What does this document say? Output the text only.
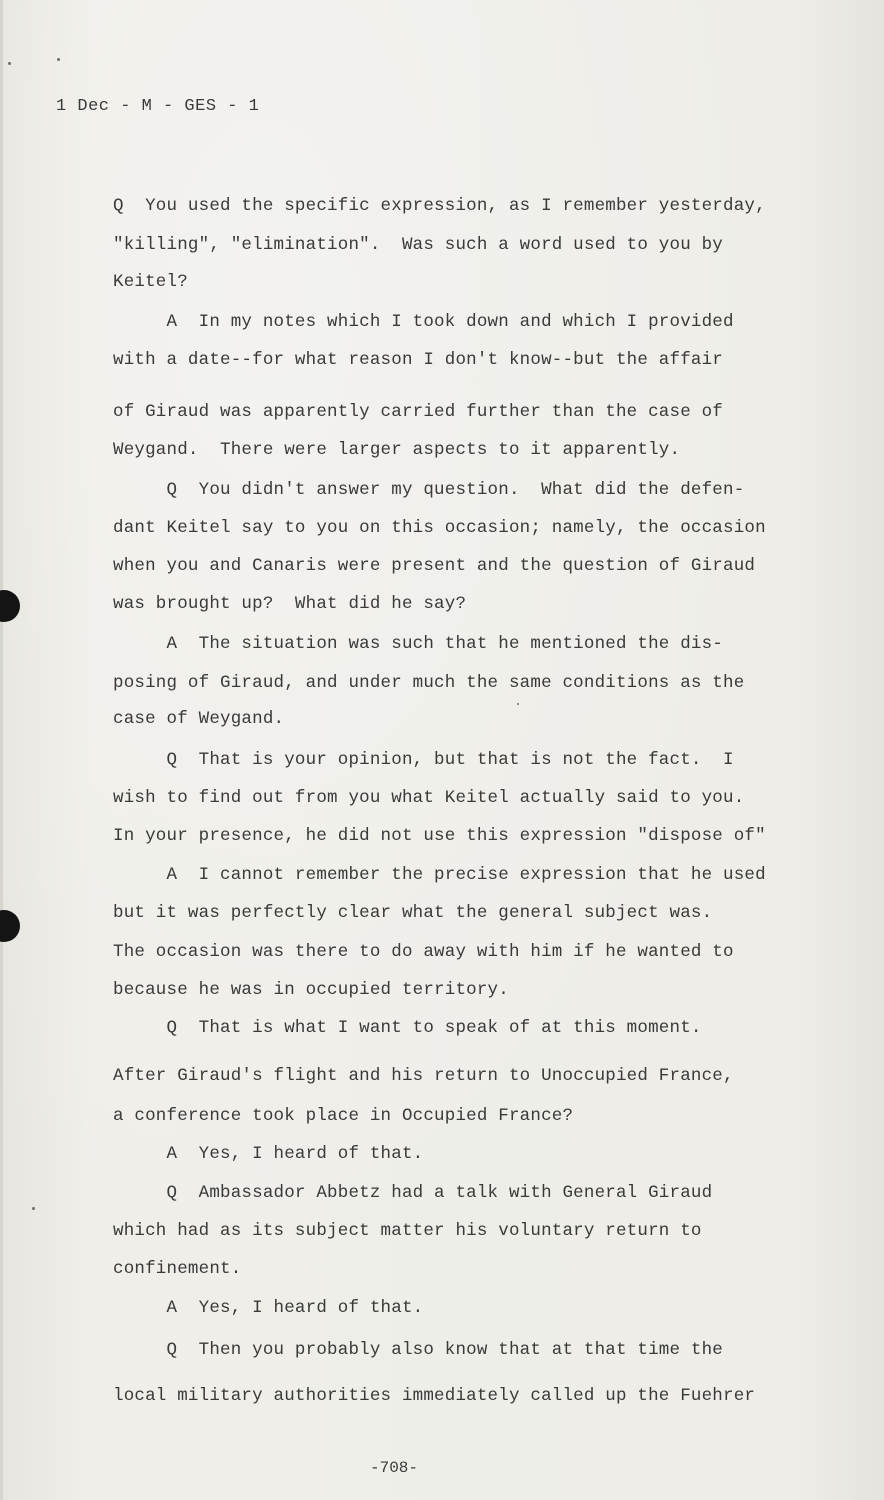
1 Dec - M - GES - 1
Q  You used the specific expression, as I remember yesterday,
"killing", "elimination".  Was such a word used to you by
Keitel?
A  In my notes which I took down and which I provided
with a date--for what reason I don't know--but the affair
of Giraud was apparently carried further than the case of
Weygand.  There were larger aspects to it apparently.
Q  You didn't answer my question.  What did the defen-
dant Keitel say to you on this occasion; namely, the occasion
when you and Canaris were present and the question of Giraud
was brought up?  What did he say?
A  The situation was such that he mentioned the dis-
posing of Giraud, and under much the same conditions as the
case of Weygand.
Q  That is your opinion, but that is not the fact.  I
wish to find out from you what Keitel actually said to you.
In your presence, he did not use this expression "dispose of"
A  I cannot remember the precise expression that he used
but it was perfectly clear what the general subject was.
The occasion was there to do away with him if he wanted to
because he was in occupied territory.
Q  That is what I want to speak of at this moment.
After Giraud's flight and his return to Unoccupied France,
a conference took place in Occupied France?
A  Yes, I heard of that.
Q  Ambassador Abbetz had a talk with General Giraud
which had as its subject matter his voluntary return to
confinement.
A  Yes, I heard of that.
Q  Then you probably also know that at that time the
local military authorities immediately called up the Fuehrer
-708-
